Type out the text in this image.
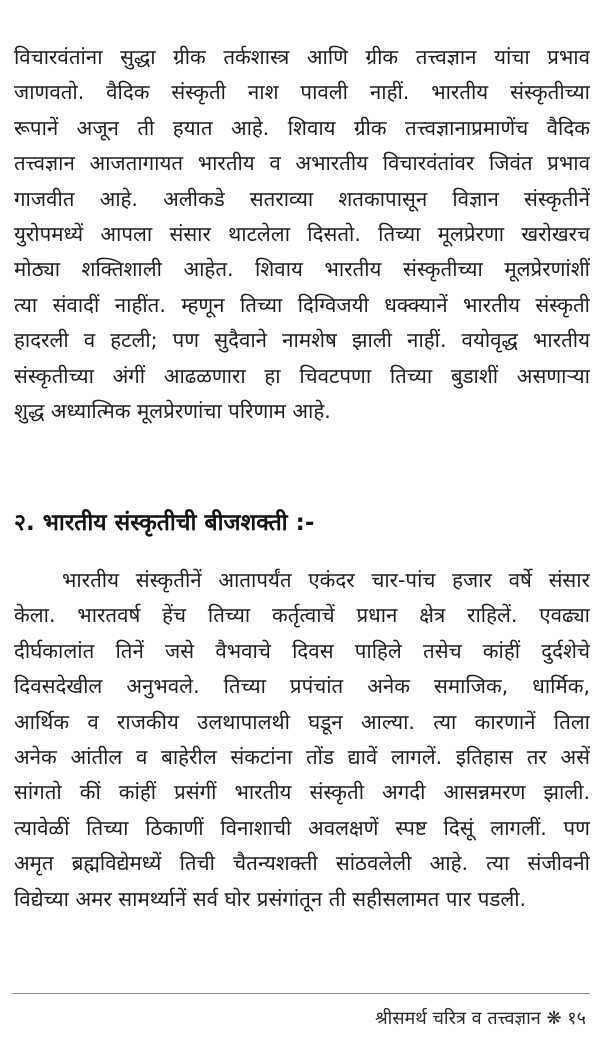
विचारवंतांना सुद्धा ग्रीक तर्कशास्त्र आणि ग्रीक तत्त्वज्ञान यांचा प्रभाव
जाणवतो. वैदिक संस्कृती नाश पावली नाहीं. भारतीय संस्कृतीच्या
रूपानें अजून ती हयात आहे. शिवाय ग्रीक तत्त्वज्ञानाप्रमाणेंच वैदिक
तत्त्वज्ञान आजतागायत भारतीय व अभारतीय विचारवंतांवर जिवंत प्रभाव
गाजवीत आहे. अलीकडे सतराव्या शतकापासून विज्ञान संस्कृतीनें
युरोपमध्यें आपला संसार थाटलेला दिसतो. तिच्या मूलप्रेरणा खरोखरच
मोठ्या शक्तिशाली आहेत. शिवाय भारतीय संस्कृतीच्या मूलप्रेरणांशीं
त्या संवादीं नाहींत. म्हणून तिच्या दिग्विजयी धक्क्यानें भारतीय संस्कृती
हादरली व हटली; पण सुदैवाने नामशेष झाली नाहीं. वयोवृद्ध भारतीय
संस्कृतीच्या अंगीं आढळणारा हा चिवटपणा तिच्या बुडाशीं असणाऱ्या
शुद्ध अध्यात्मिक मूलप्रेरणांचा परिणाम आहे.
२. भारतीय संस्कृतीची बीजशक्ती :-
भारतीय संस्कृतीनें आतापर्यंत एकंदर चार-पांच हजार वर्षे संसार
केला. भारतवर्ष हेंच तिच्या कर्तृत्वाचें प्रधान क्षेत्र राहिलें. एवढ्या
दीर्घकालांत तिनें जसे वैभवाचे दिवस पाहिले तसेच कांहीं दुर्दशेचे
दिवसदेखील अनुभवले. तिच्या प्रपंचांत अनेक समाजिक, धार्मिक,
आर्थिक व राजकीय उलथापालथी घडून आल्या. त्या कारणानें तिला
अनेक आंतील व बाहेरील संकटांना तोंड द्यावें लागलें. इतिहास तर असें
सांगतो कीं कांहीं प्रसंगीं भारतीय संस्कृती अगदी आसन्नमरण झाली.
त्यावेळीं तिच्या ठिकाणीं विनाशाची अवलक्षणें स्पष्ट दिसूं लागलीं. पण
अमृत ब्रह्मविद्येमध्यें तिची चैतन्यशक्ती सांठवलेली आहे. त्या संजीवनी
विद्येच्या अमर सामर्थ्यानें सर्व घोर प्रसंगांतून ती सहीसलामत पार पडली.
श्रीसमर्थ चरित्र व तत्त्वज्ञान ❋ १५
